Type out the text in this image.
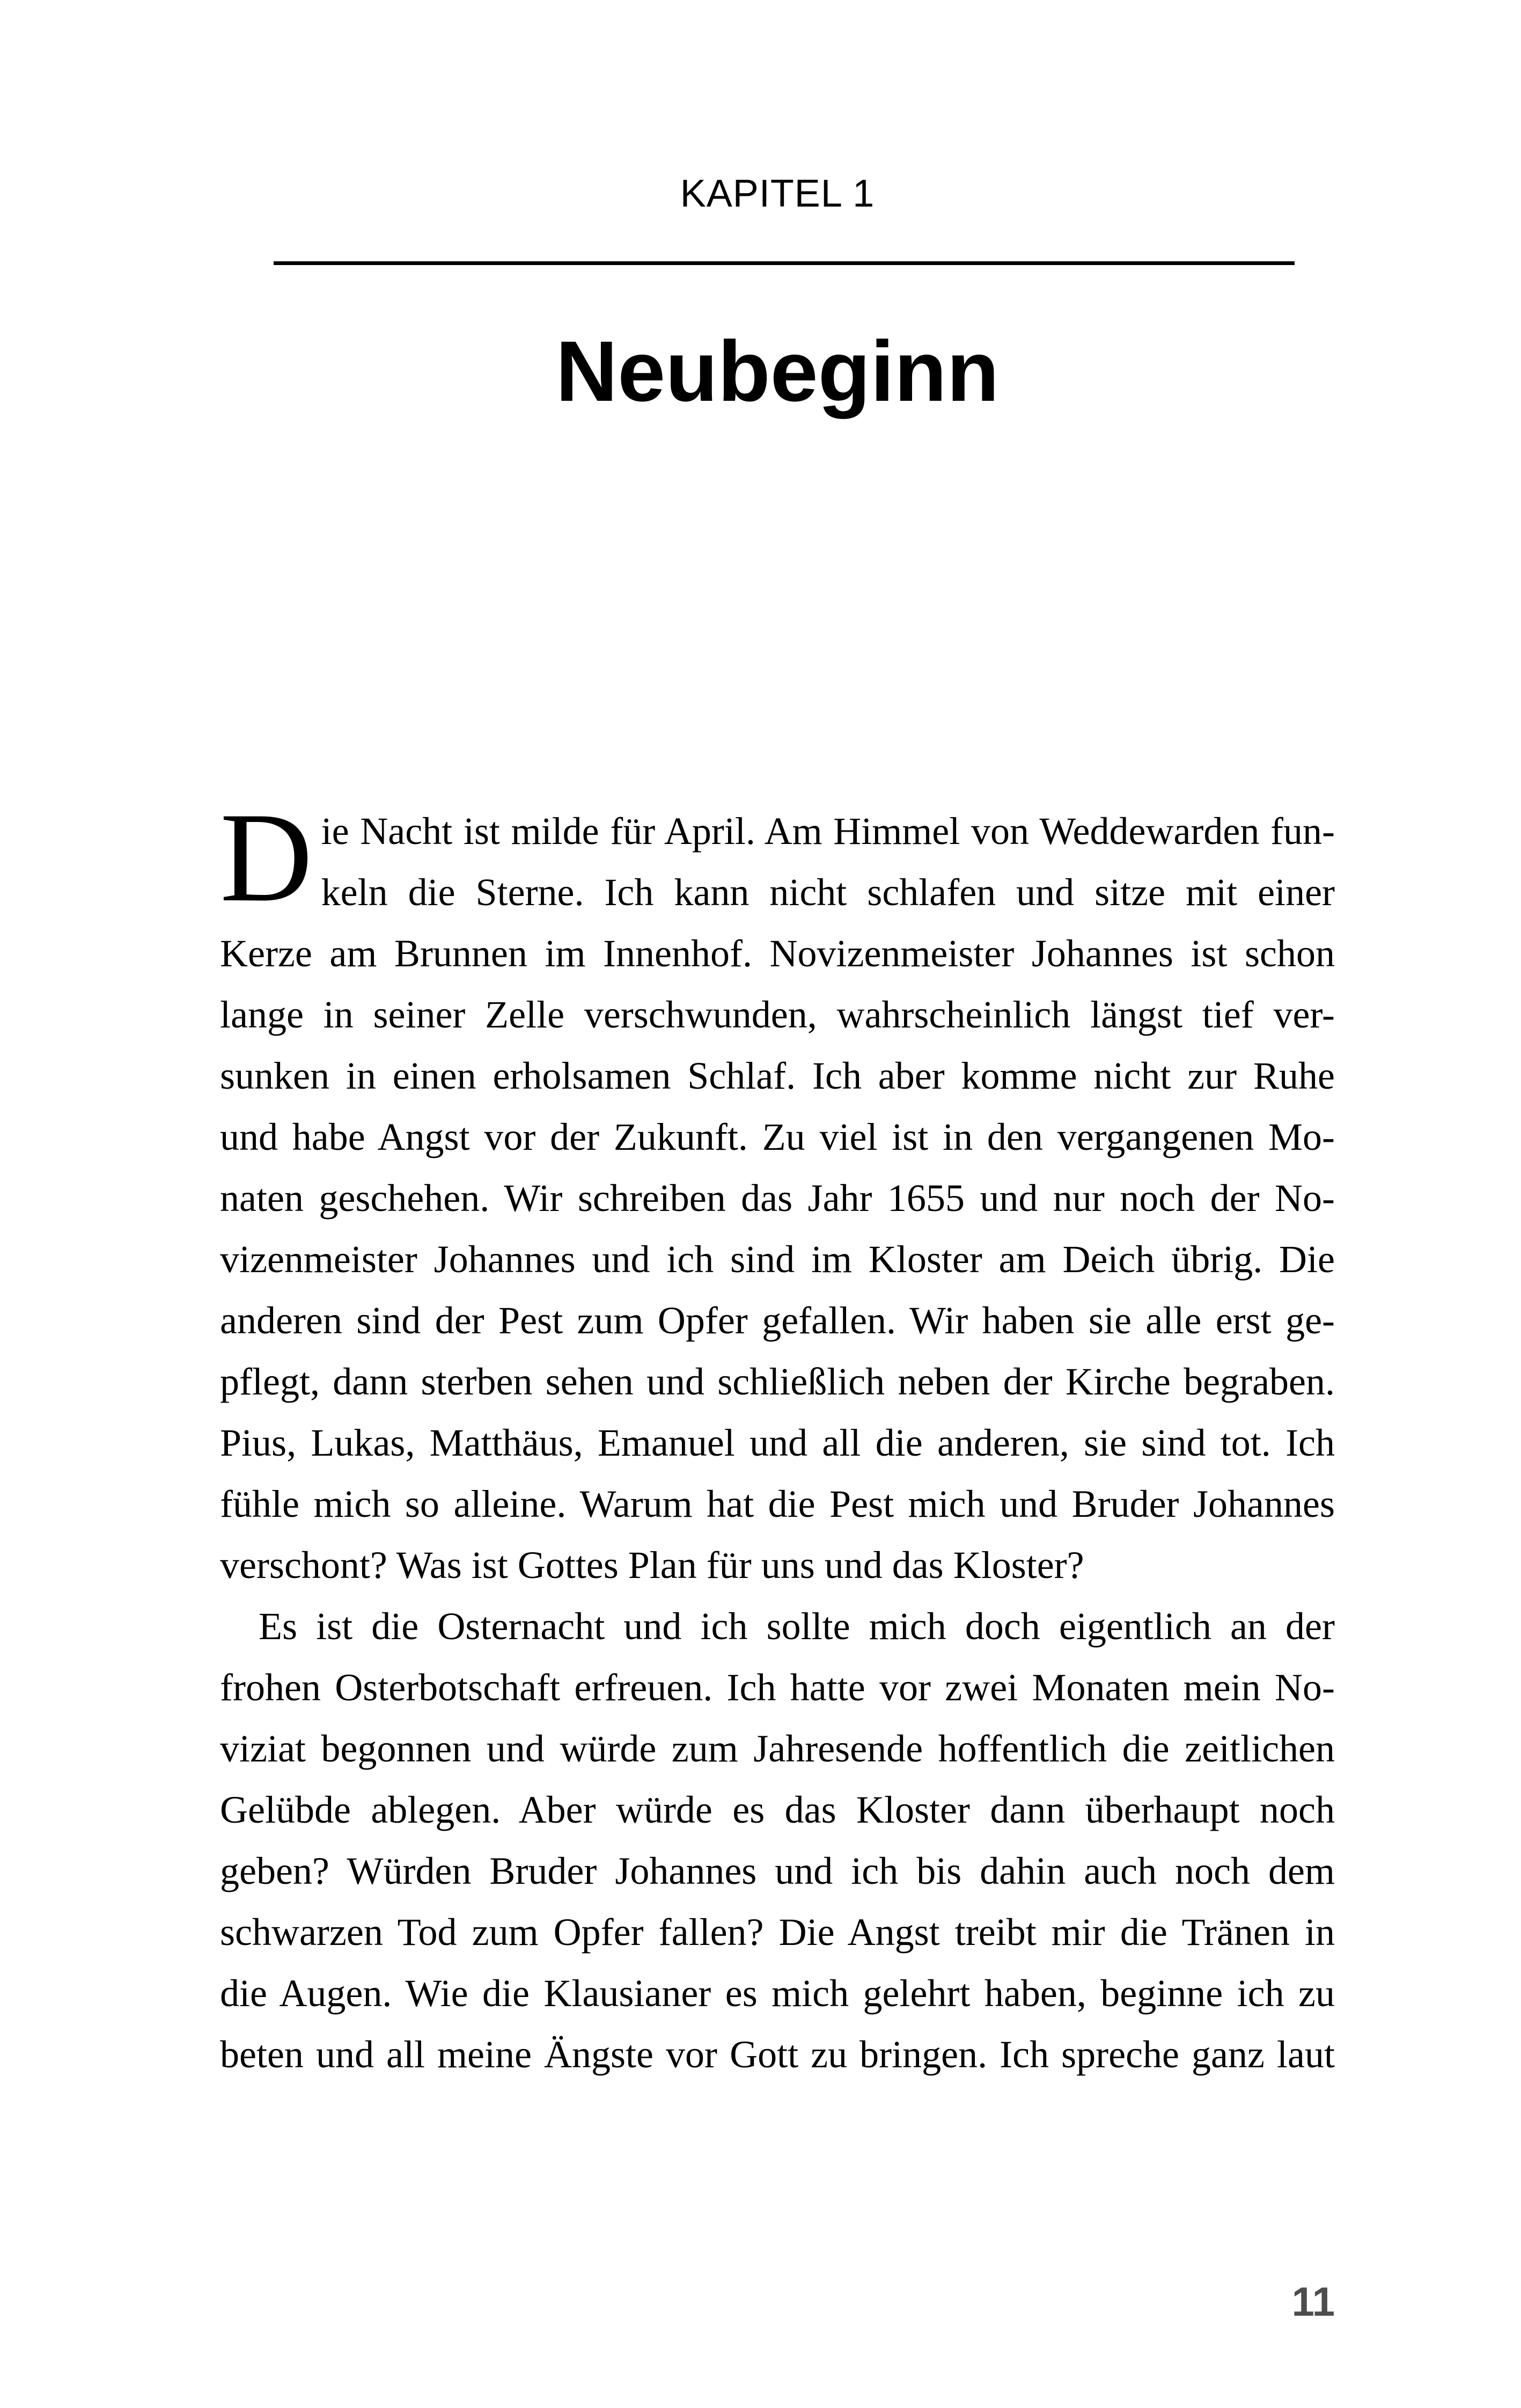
KAPITEL 1
Neubeginn
D ie Nacht ist milde für April. Am Himmel von Weddewarden fun-
keln die Sterne. Ich kann nicht schlafen und sitze mit einer
Kerze am Brunnen im Innenhof. Novizenmeister Johannes ist schon
lange in seiner Zelle verschwunden, wahrscheinlich längst tief ver-
sunken in einen erholsamen Schlaf. Ich aber komme nicht zur Ruhe
und habe Angst vor der Zukunft. Zu viel ist in den vergangenen Mo-
naten geschehen. Wir schreiben das Jahr 1655 und nur noch der No-
vizenmeister Johannes und ich sind im Kloster am Deich übrig. Die
anderen sind der Pest zum Opfer gefallen. Wir haben sie alle erst ge-
pflegt, dann sterben sehen und schließlich neben der Kirche begraben.
Pius, Lukas, Matthäus, Emanuel und all die anderen, sie sind tot. Ich
fühle mich so alleine. Warum hat die Pest mich und Bruder Johannes
verschont? Was ist Gottes Plan für uns und das Kloster?
Es ist die Osternacht und ich sollte mich doch eigentlich an der
frohen Osterbotschaft erfreuen. Ich hatte vor zwei Monaten mein No-
viziat begonnen und würde zum Jahresende hoffentlich die zeitlichen
Gelübde ablegen. Aber würde es das Kloster dann überhaupt noch
geben? Würden Bruder Johannes und ich bis dahin auch noch dem
schwarzen Tod zum Opfer fallen? Die Angst treibt mir die Tränen in
die Augen. Wie die Klausianer es mich gelehrt haben, beginne ich zu
beten und all meine Ängste vor Gott zu bringen. Ich spreche ganz laut
11
